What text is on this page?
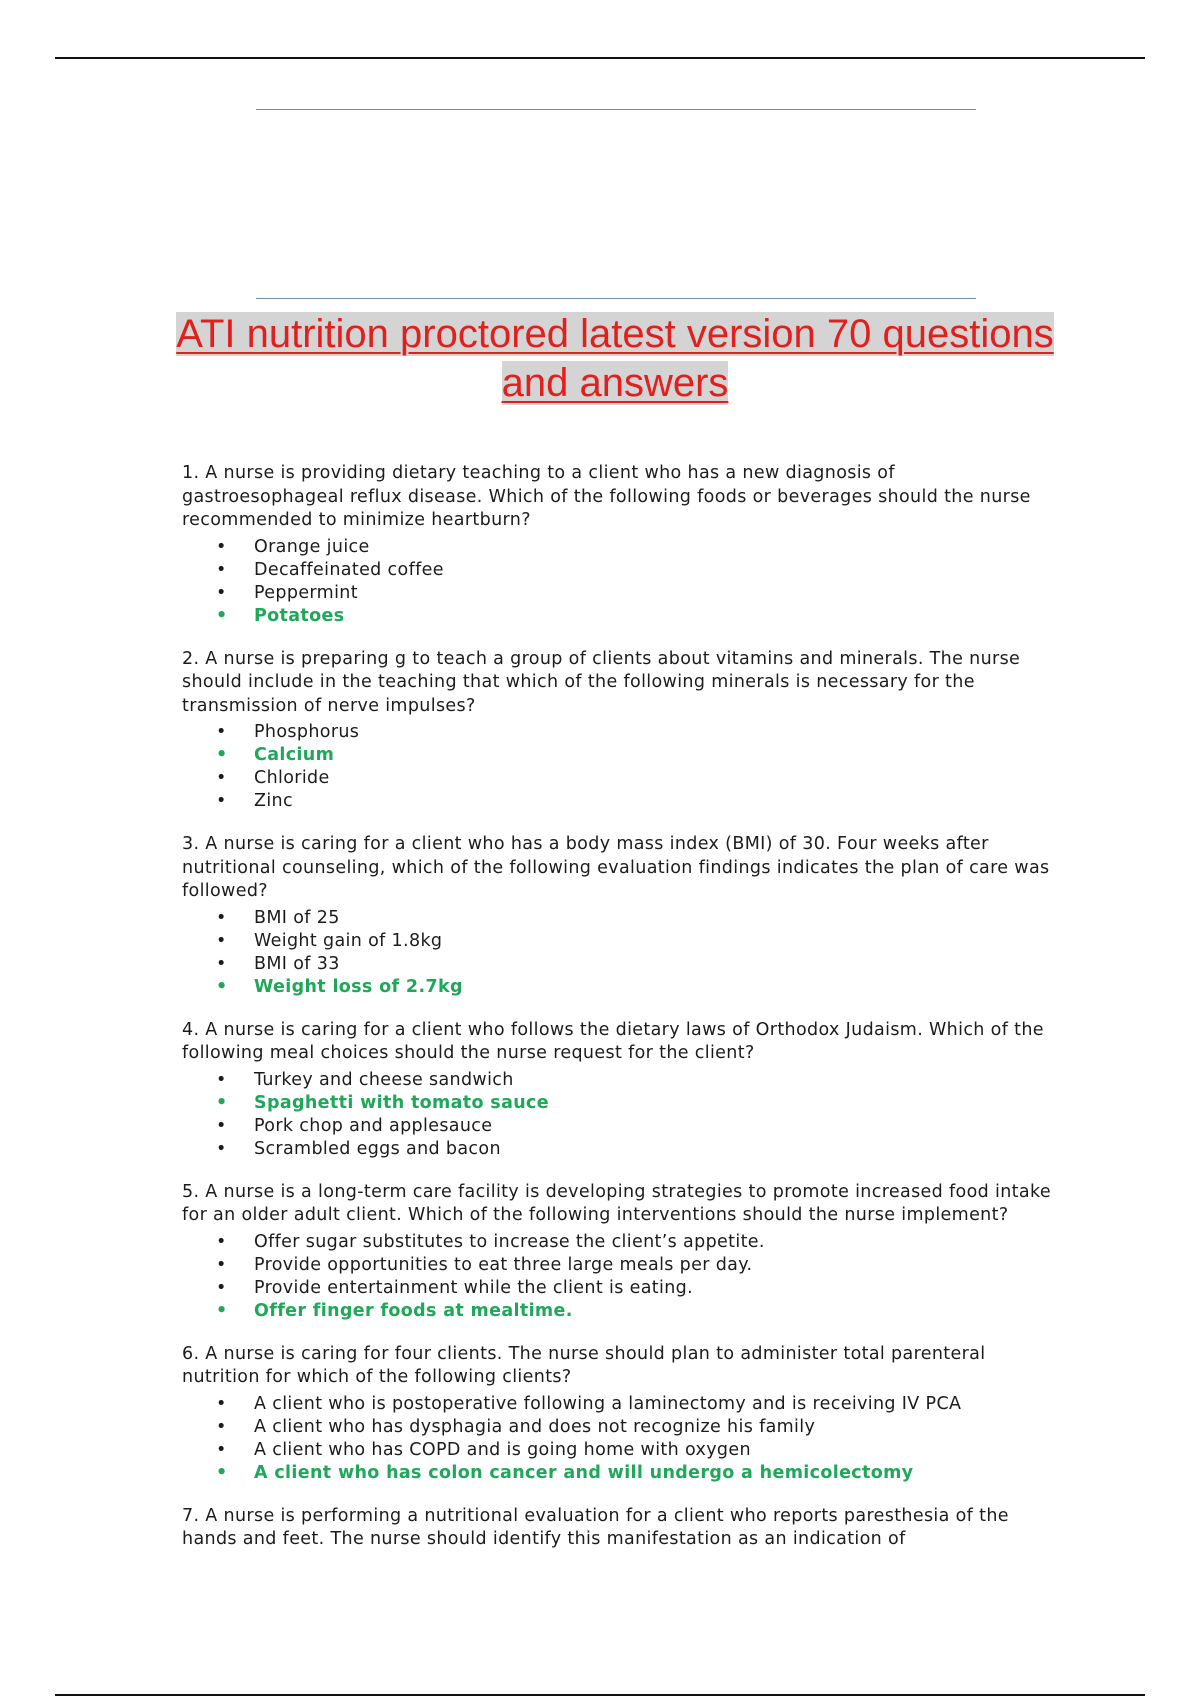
ATI nutrition proctored latest version 70 questions
and answers

1. A nurse is providing dietary teaching to a client who has a new diagnosis of gastroesophageal reflux disease. Which of the following foods or beverages should the nurse recommended to minimize heartburn?

• Orange juice
• Decaffeinated coffee
• Peppermint
• Potatoes

2. A nurse is preparing g to teach a group of clients about vitamins and minerals. The nurse should include in the teaching that which of the following minerals is necessary for the transmission of nerve impulses?

• Phosphorus
• Calcium
• Chloride
• Zinc

3. A nurse is caring for a client who has a body mass index (BMI) of 30. Four weeks after nutritional counseling, which of the following evaluation findings indicates the plan of care was followed?

• BMI of 25
• Weight gain of 1.8kg
• BMI of 33
• Weight loss of 2.7kg

4. A nurse is caring for a client who follows the dietary laws of Orthodox Judaism. Which of the following meal choices should the nurse request for the client?

• Turkey and cheese sandwich
• Spaghetti with tomato sauce
• Pork chop and applesauce
• Scrambled eggs and bacon

5. A nurse is a long-term care facility is developing strategies to promote increased food intake for an older adult client. Which of the following interventions should the nurse implement?

• Offer sugar substitutes to increase the client’s appetite.
• Provide opportunities to eat three large meals per day.
• Provide entertainment while the client is eating.
• Offer finger foods at mealtime.

6. A nurse is caring for four clients. The nurse should plan to administer total parenteral nutrition for which of the following clients?

• A client who is postoperative following a laminectomy and is receiving IV PCA
• A client who has dysphagia and does not recognize his family
• A client who has COPD and is going home with oxygen
• A client who has colon cancer and will undergo a hemicolectomy

7. A nurse is performing a nutritional evaluation for a client who reports paresthesia of the hands and feet. The nurse should identify this manifestation as an indication of
